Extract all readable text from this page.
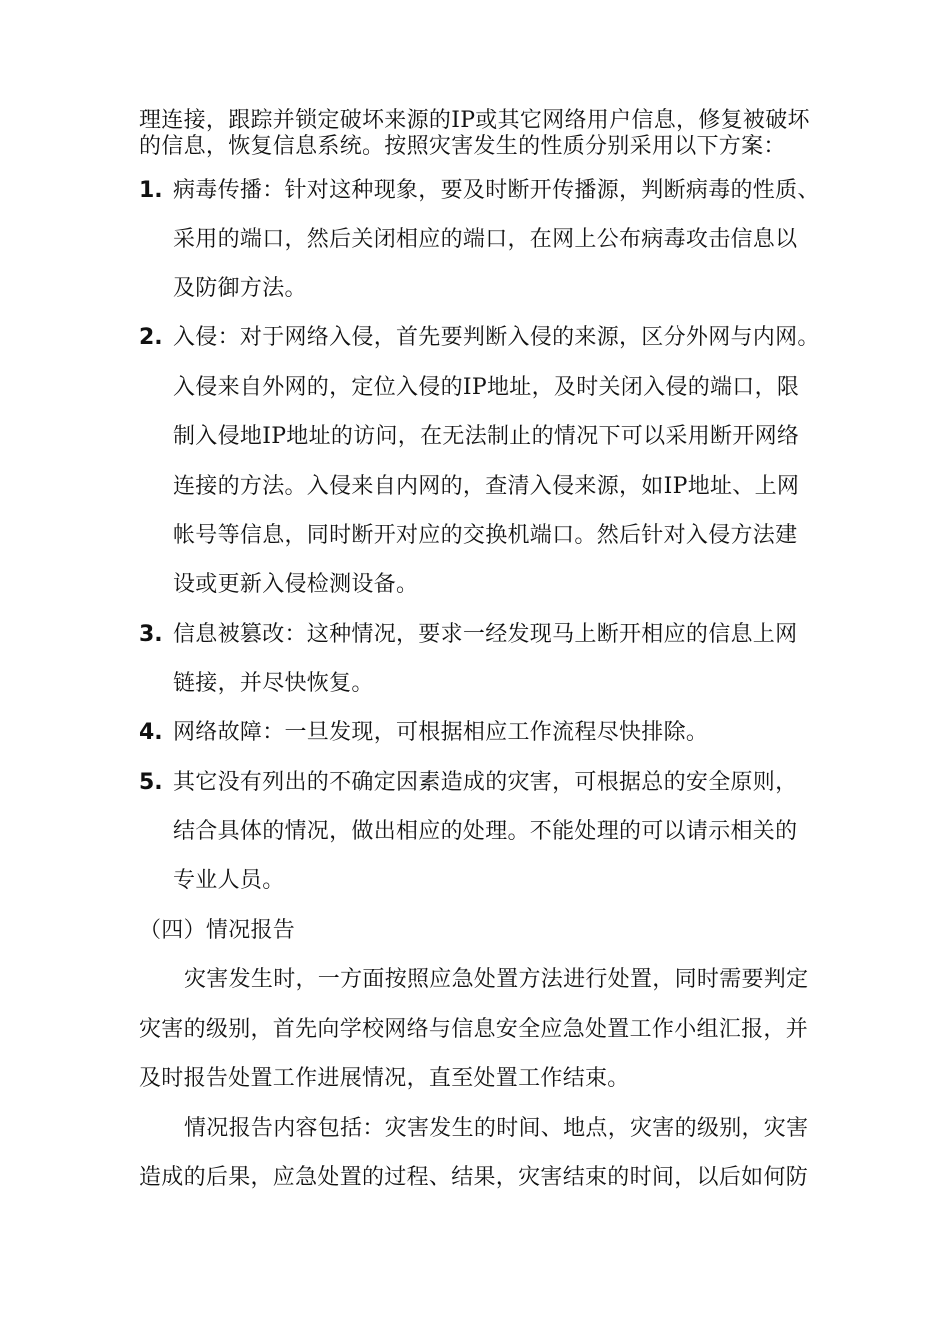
理连接，跟踪并锁定破坏来源的IP或其它网络用户信息，修复被破坏
的信息，恢复信息系统。按照灾害发生的性质分别采用以下方案：
1. 病毒传播：针对这种现象，要及时断开传播源，判断病毒的性质、
采用的端口，然后关闭相应的端口，在网上公布病毒攻击信息以
及防御方法。
2. 入侵：对于网络入侵，首先要判断入侵的来源，区分外网与内网。
入侵来自外网的，定位入侵的IP地址，及时关闭入侵的端口，限
制入侵地IP地址的访问，在无法制止的情况下可以采用断开网络
连接的方法。入侵来自内网的，查清入侵来源，如IP地址、上网
帐号等信息，同时断开对应的交换机端口。然后针对入侵方法建
设或更新入侵检测设备。
3. 信息被篡改：这种情况，要求一经发现马上断开相应的信息上网
链接，并尽快恢复。
4. 网络故障：一旦发现，可根据相应工作流程尽快排除。
5. 其它没有列出的不确定因素造成的灾害，可根据总的安全原则，
结合具体的情况，做出相应的处理。不能处理的可以请示相关的
专业人员。
（四）情况报告
灾害发生时，一方面按照应急处置方法进行处置，同时需要判定
灾害的级别，首先向学校网络与信息安全应急处置工作小组汇报，并
及时报告处置工作进展情况，直至处置工作结束。
情况报告内容包括：灾害发生的时间、地点，灾害的级别，灾害
造成的后果，应急处置的过程、结果，灾害结束的时间，以后如何防
